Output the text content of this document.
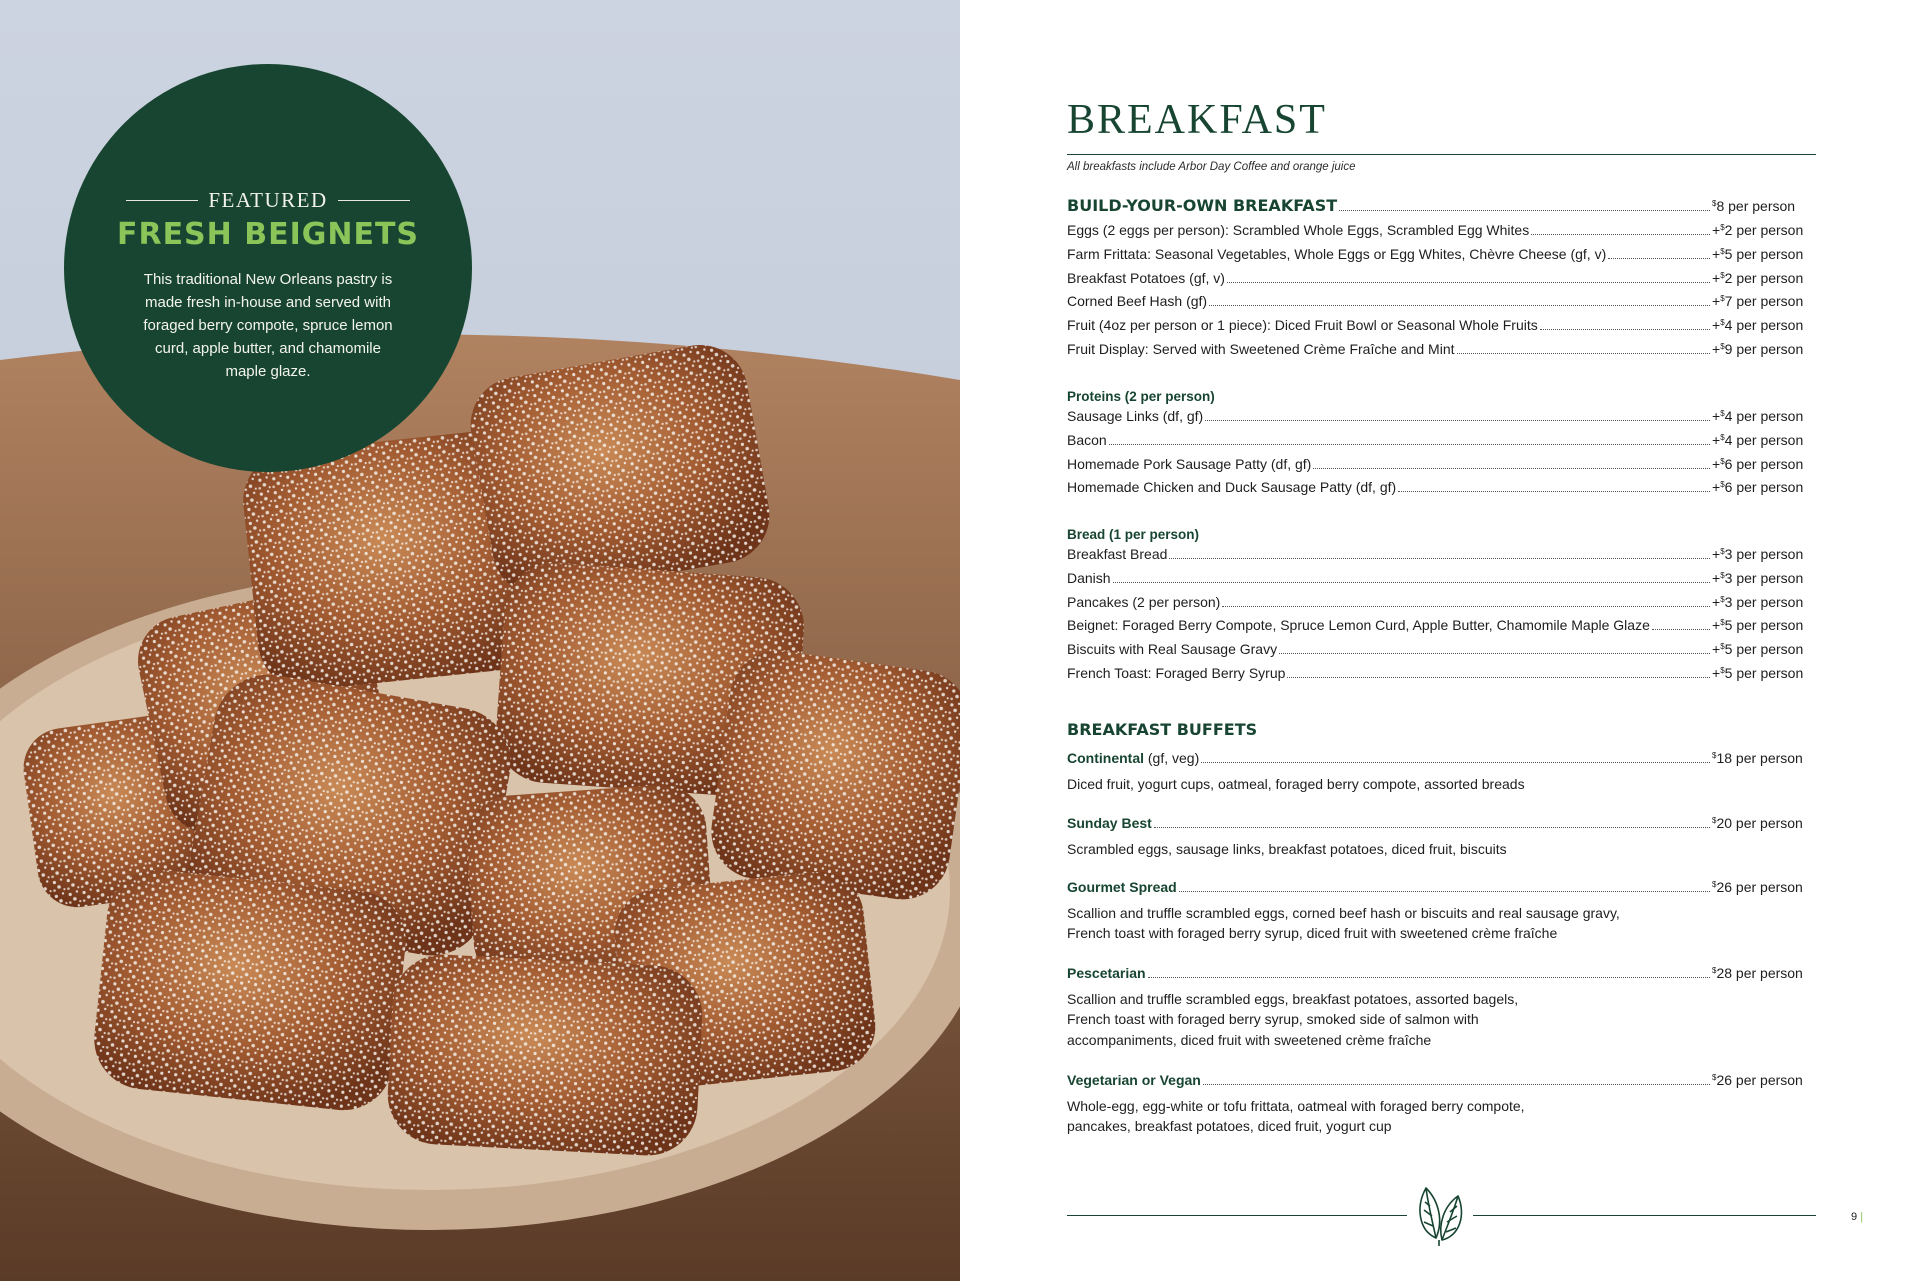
FEATURED
FRESH BEIGNETS
This traditional New Orleans pastry is made fresh in-house and served with foraged berry compote, spruce lemon curd, apple butter, and chamomile maple glaze.
BREAKFAST
All breakfasts include Arbor Day Coffee and orange juice
BUILD-YOUR-OWN BREAKFAST	$8 per person
Eggs (2 eggs per person): Scrambled Whole Eggs, Scrambled Egg Whites	+$2 per person
Farm Frittata: Seasonal Vegetables, Whole Eggs or Egg Whites, Chèvre Cheese (gf, v)	+$5 per person
Breakfast Potatoes (gf, v)	+$2 per person
Corned Beef Hash (gf)	+$7 per person
Fruit (4oz per person or 1 piece): Diced Fruit Bowl or Seasonal Whole Fruits	+$4 per person
Fruit Display: Served with Sweetened Crème Fraîche and Mint	+$9 per person
Proteins (2 per person)
Sausage Links (df, gf)	+$4 per person
Bacon	+$4 per person
Homemade Pork Sausage Patty (df, gf)	+$6 per person
Homemade Chicken and Duck Sausage Patty (df, gf)	+$6 per person
Bread (1 per person)
Breakfast Bread	+$3 per person
Danish	+$3 per person
Pancakes (2 per person)	+$3 per person
Beignet: Foraged Berry Compote, Spruce Lemon Curd, Apple Butter, Chamomile Maple Glaze	+$5 per person
Biscuits with Real Sausage Gravy	+$5 per person
French Toast: Foraged Berry Syrup	+$5 per person
BREAKFAST BUFFETS
Continental (gf, veg)	$18 per person
Diced fruit, yogurt cups, oatmeal, foraged berry compote, assorted breads
Sunday Best	$20 per person
Scrambled eggs, sausage links, breakfast potatoes, diced fruit, biscuits
Gourmet Spread	$26 per person
Scallion and truffle scrambled eggs, corned beef hash or biscuits and real sausage gravy,
French toast with foraged berry syrup, diced fruit with sweetened crème fraîche
Pescetarian	$28 per person
Scallion and truffle scrambled eggs, breakfast potatoes, assorted bagels,
French toast with foraged berry syrup, smoked side of salmon with
accompaniments, diced fruit with sweetened crème fraîche
Vegetarian or Vegan	$26 per person
Whole-egg, egg-white or tofu frittata, oatmeal with foraged berry compote,
pancakes, breakfast potatoes, diced fruit, yogurt cup
9 |
